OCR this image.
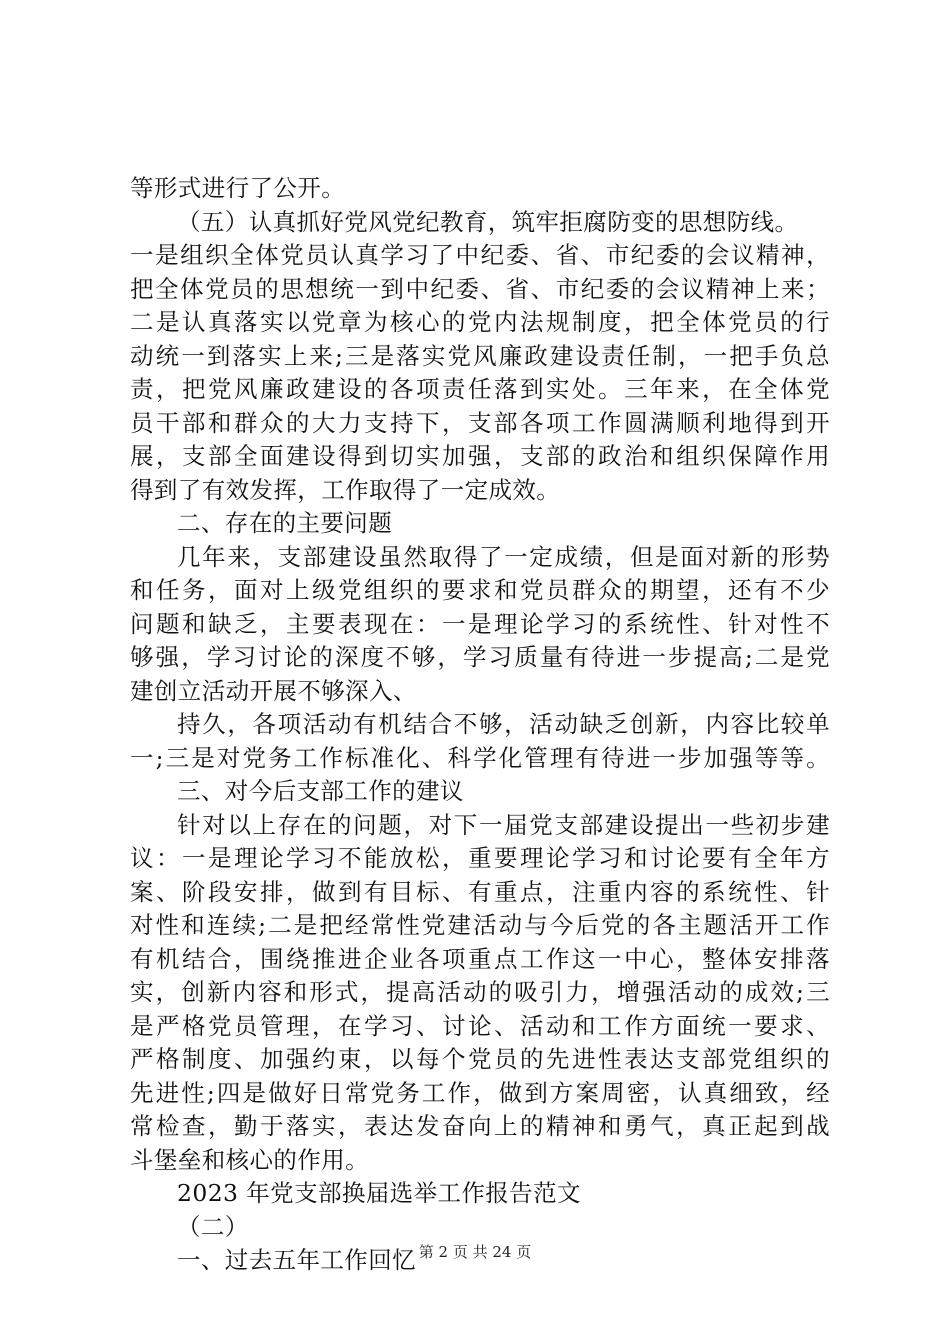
等形式进行了公开。
（五）认真抓好党风党纪教育，筑牢拒腐防变的思想防线。
一是组织全体党员认真学习了中纪委、省、市纪委的会议精神，
把全体党员的思想统一到中纪委、省、市纪委的会议精神上来；
二是认真落实以党章为核心的党内法规制度，把全体党员的行
动统一到落实上来;三是落实党风廉政建设责任制，一把手负总
责，把党风廉政建设的各项责任落到实处。三年来，在全体党
员干部和群众的大力支持下，支部各项工作圆满顺利地得到开
展，支部全面建设得到切实加强，支部的政治和组织保障作用
得到了有效发挥，工作取得了一定成效。
二、存在的主要问题
几年来，支部建设虽然取得了一定成绩，但是面对新的形势
和任务，面对上级党组织的要求和党员群众的期望，还有不少
问题和缺乏，主要表现在：一是理论学习的系统性、针对性不
够强，学习讨论的深度不够，学习质量有待进一步提高;二是党
建创立活动开展不够深入、
持久，各项活动有机结合不够，活动缺乏创新，内容比较单
一;三是对党务工作标准化、科学化管理有待进一步加强等等。
三、对今后支部工作的建议
针对以上存在的问题，对下一届党支部建设提出一些初步建
议：一是理论学习不能放松，重要理论学习和讨论要有全年方
案、阶段安排，做到有目标、有重点，注重内容的系统性、针
对性和连续;二是把经常性党建活动与今后党的各主题活开工作
有机结合，围绕推进企业各项重点工作这一中心，整体安排落
实，创新内容和形式，提高活动的吸引力，增强活动的成效;三
是严格党员管理，在学习、讨论、活动和工作方面统一要求、
严格制度、加强约束，以每个党员的先进性表达支部党组织的
先进性;四是做好日常党务工作，做到方案周密，认真细致，经
常检查，勤于落实，表达发奋向上的精神和勇气，真正起到战
斗堡垒和核心的作用。
2023 年党支部换届选举工作报告范文
（二）
一、过去五年工作回忆 第 2 页 共 24 页
